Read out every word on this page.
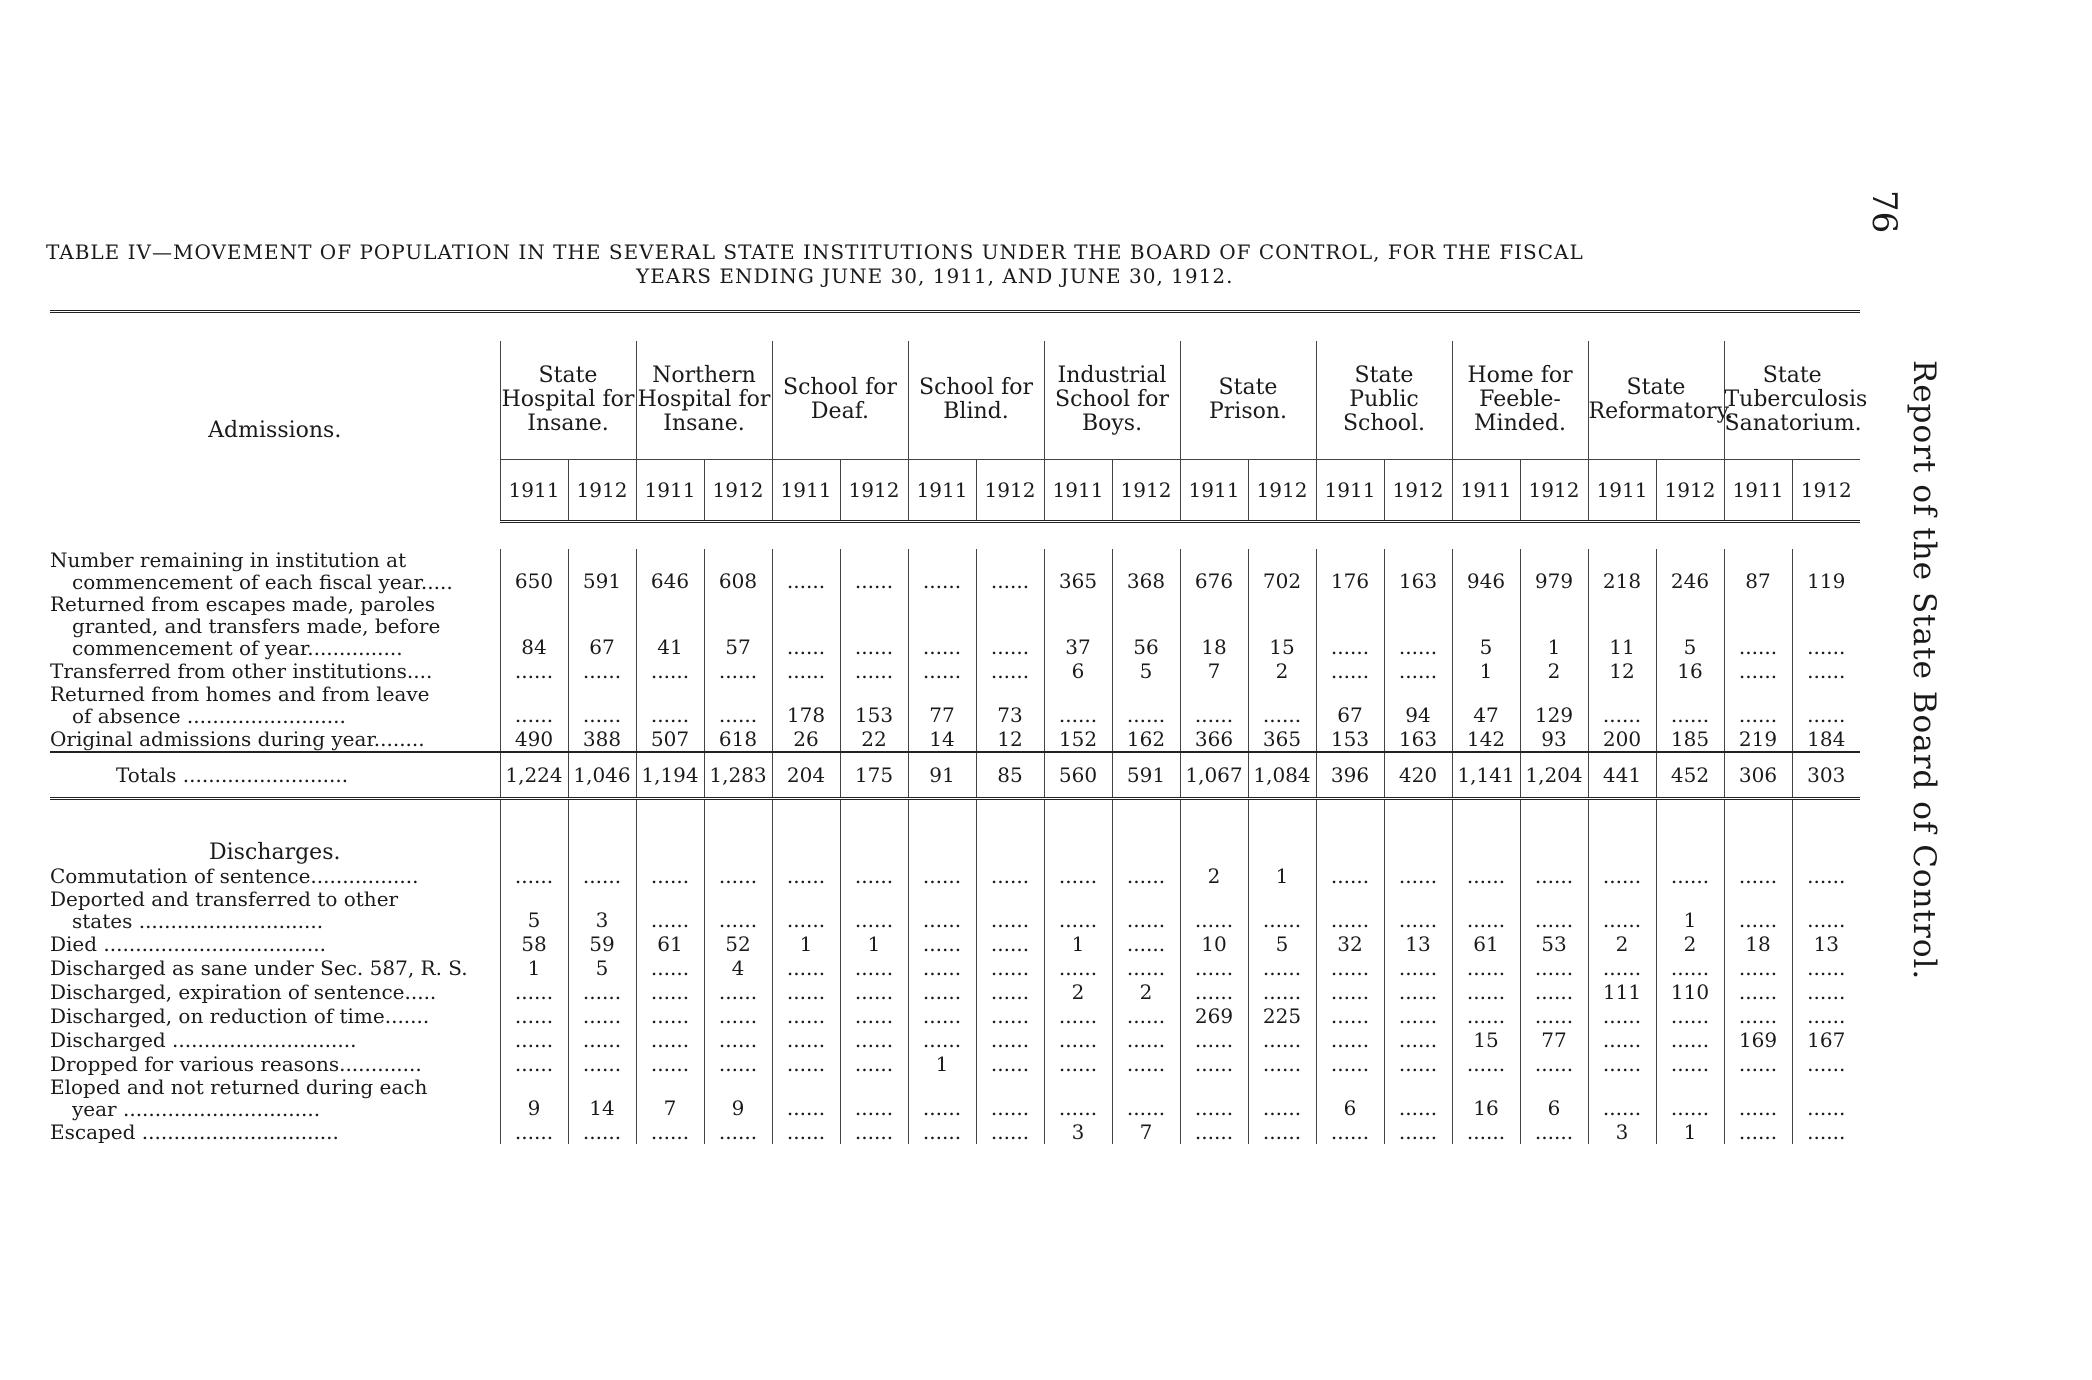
TABLE IV—MOVEMENT OF POPULATION IN THE SEVERAL STATE INSTITUTIONS UNDER THE BOARD OF CONTROL, FOR THE FISCAL
YEARS ENDING JUNE 30, 1911, AND JUNE 30, 1912.
76
Report of the State Board of Control.

Admissions.	State Hospital for Insane.		Northern Hospital for Insane.		School for Deaf.		School for Blind.		Industrial School for Boys.		State Prison.		State Public School.		Home for Feeble-Minded.		State Reformatory.		State Tuberculosis Sanatorium.	
	1911	1912	1911	1912	1911	1912	1911	1912	1911	1912	1911	1912	1911	1912	1911	1912	1911	1912	1911	1912

Number remaining in institution at
commencement of each fiscal year.....	650	591	646	608	......	......	......	......	365	368	676	702	176	163	946	979	218	246	87	119

Returned from escapes made, paroles
granted, and transfers made, before
commencement of year...............	84	67	41	57	......	......	......	......	37	56	18	15	......	......	5	1	11	5	......	......

Transferred from other institutions....	......	......	......	......	......	......	......	......	6	5	7	2	......	......	1	2	12	16	......	......

Returned from homes and from leave
of absence .........................	......	......	......	......	178	153	77	73	......	......	......	......	67	94	47	129	......	......	......	......

Original admissions during year........	490	388	507	618	26	22	14	12	152	162	366	365	153	163	142	93	200	185	219	184
Totals ..........................	1,224	1,046	1,194	1,283	204	175	91	85	560	591	1,067	1,084	396	420	1,141	1,204	441	452	306	303
Discharges.																				

Commutation of sentence.................	......	......	......	......	......	......	......	......	......	......	2	1	......	......	......	......	......	......	......	......

Deported and transferred to other
states .............................	5	3	......	......	......	......	......	......	......	......	......	......	......	......	......	......	......	1	......	......

Died ...................................	58	59	61	52	1	1	......	......	1	......	10	5	32	13	61	53	2	2	18	13

Discharged as sane under Sec. 587, R. S.	1	5	......	4	......	......	......	......	......	......	......	......	......	......	......	......	......	......	......	......

Discharged, expiration of sentence.....	......	......	......	......	......	......	......	......	2	2	......	......	......	......	......	......	111	110	......	......

Discharged, on reduction of time.......	......	......	......	......	......	......	......	......	......	......	269	225	......	......	......	......	......	......	......	......

Discharged .............................	......	......	......	......	......	......	......	......	......	......	......	......	......	......	15	77	......	......	169	167

Dropped for various reasons.............	......	......	......	......	......	......	1	......	......	......	......	......	......	......	......	......	......	......	......	......

Eloped and not returned during each
year ...............................	9	14	7	9	......	......	......	......	......	......	......	......	6	......	16	6	......	......	......	......

Escaped ...............................	......	......	......	......	......	......	......	......	3	7	......	......	......	......	......	......	3	1	......	......
